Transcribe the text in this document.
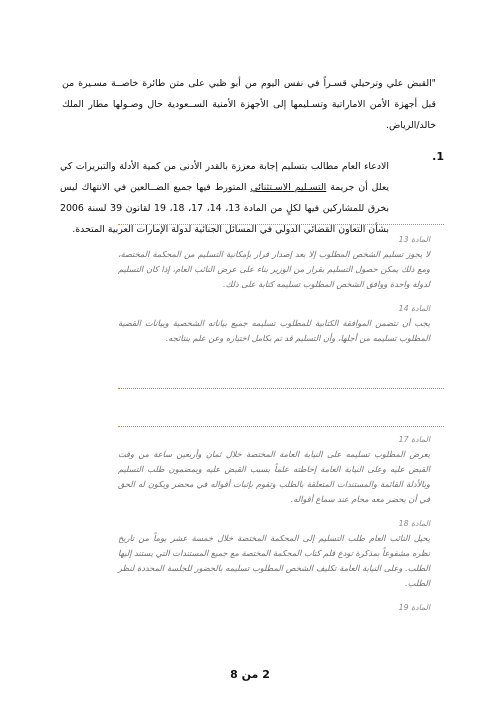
"القبض علي وترحيلي قسـراً في نفس اليوم من أبو ظبي على متن طائرة خاصــة مسـيرة من قبل أجهزة الأمن الاماراتية وتسـليمها إلى الأجهزة الأمنية الســعودية حال وصـولها مطار الملك خالد/الرياض.

1.

الادعاء العام مطالب بتسليم إجابة معززة بالقدر الأدنى من كمية الأدلة والتبريرات كي يعلل أن جريمة التسـليم الاسـتثنائي المتورط فيها جميع الضــالعين في الانتهاك ليس بخرق للمشاركين فيها لكلٍ من المادة 13، 14، 17، 18، 19 لقانون 39 لسنة 2006 بشأن التعاون القضائي الدولي في المسائل الجنائية لدولة الإمارات العربية المتحدة.

المادة 13

لا يجوز تسليم الشخص المطلوب إلا بعد إصدار قرار بإمكانية التسليم من المحكمة المختصة، ومع ذلك يمكن حصول التسليم بقرار من الوزير بناء على عرض النائب العام، إذا كان التسليم لدولة واحدة ووافق الشخص المطلوب تسليمه كتابة على ذلك.

المادة 14

يجب أن تتضمن الموافقة الكتابية للمطلوب تسليمه جميع بياناته الشخصية وبيانات القضية المطلوب تسليمه من أجلها، وأن التسليم قد تم بكامل اختياره وعن علم بنتائجه.

المادة 17

يعرض المطلوب تسليمه على النيابة العامة المختصة خلال ثمان وأربعين ساعة من وقت القبض عليه وعلى النيابة العامة إحاطته علماً بسبب القبض عليه وبمضمون طلب التسليم وبالأدلة القائمة والمستندات المتعلقة بالطلب وتقوم بإثبات أقواله في محضر ويكون له الحق في أن يحضر معه محام عند سماع أقواله.

المادة 18

يحيل النائب العام طلب التسليم إلى المحكمة المختصة خلال خمسة عشر يوماً من تاريخ نظره مشفوعاً بمذكرة تودع قلم كتاب المحكمة المختصة مع جميع المستندات التي يستند إليها الطلب. وعلى النيابة العامة تكليف الشخص المطلوب تسليمه بالحضور للجلسة المحددة لنظر الطلب.

المادة 19

2 من 8
